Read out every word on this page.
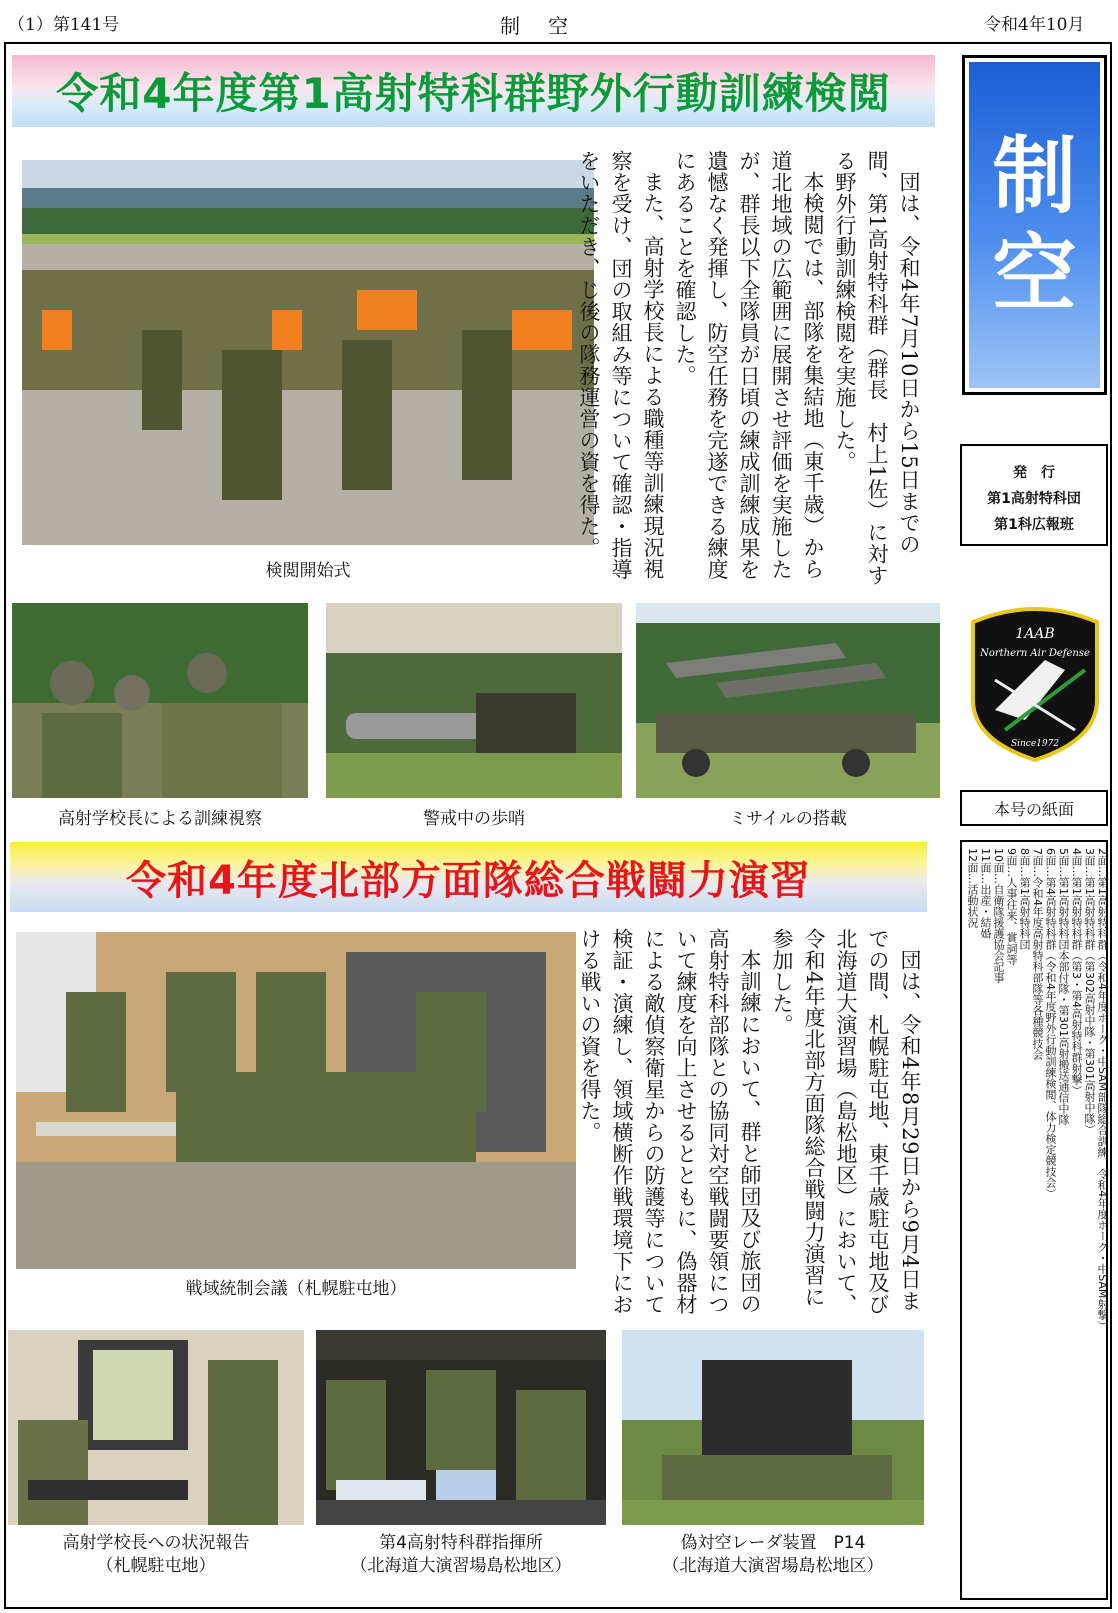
（1）第141号	制　空	令和4年10月
令和4年度第1高射特科群野外行動訓練検閲
検閲開始式

団は、令和4年7月10日から15日までの間、第1高射特科群（群長　村上1佐）に対する野外行動訓練検閲を実施した。

本検閲では、部隊を集結地（東千歳）から道北地域の広範囲に展開させ評価を実施したが、群長以下全隊員が日頃の練成訓練成果を遺憾なく発揮し、防空任務を完遂できる練度にあることを確認した。

また、高射学校長による職種等訓練現況視察を受け、団の取組み等について確認・指導をいただき、じ後の隊務運営の資を得た。

高射学校長による訓練視察	警戒中の歩哨	ミサイルの搭載
令和4年度北部方面隊総合戦闘力演習
戦域統制会議（札幌駐屯地）	団は、令和4年8月29日から9月4日までの間、札幌駐屯地、東千歳駐屯地及び北海道大演習場（島松地区）において、令和4年度北部方面隊総合戦闘力演習に参加した。

本訓練において、群と師団及び旅団の高射特科部隊との協同対空戦闘要領について練度を向上させるとともに、偽器材による敵偵察衛星からの防護等について検証・演練し、領域横断作戦環境下における戦いの資を得た。

高射学校長への状況報告
（札幌駐屯地）
第4高射特科群指揮所
（北海道大演習場島松地区）
偽対空レーダ装置　P14
（北海道大演習場島松地区）
制
空
発　行
第1高射特科団
第1科広報班
1AAB
Northern Air Defense
Since1972
本号の紙面
2面…第1高射特科群（令和4年度ホーク・中SAM部隊総合訓練、令和4年度ホーク・中SAM射撃）
3面…第1高射特科群（第302高射中隊・第301高射中隊）
4面…第1高射特科群（第3・第4高射特科群射撃）
5面…第1高射特科団本部付隊・第301高射搬送通信中隊
6面…第4高射特科群（令和4年度野外行動訓練検閲、体力検定競技会）
7面…令和4年度高射特科部隊等各種競技会
8面…第1高射特科団
9面…人事往来、賞詞等
10面…自衛隊援護協会記事
11面…出産・結婚
12面…活動状況
